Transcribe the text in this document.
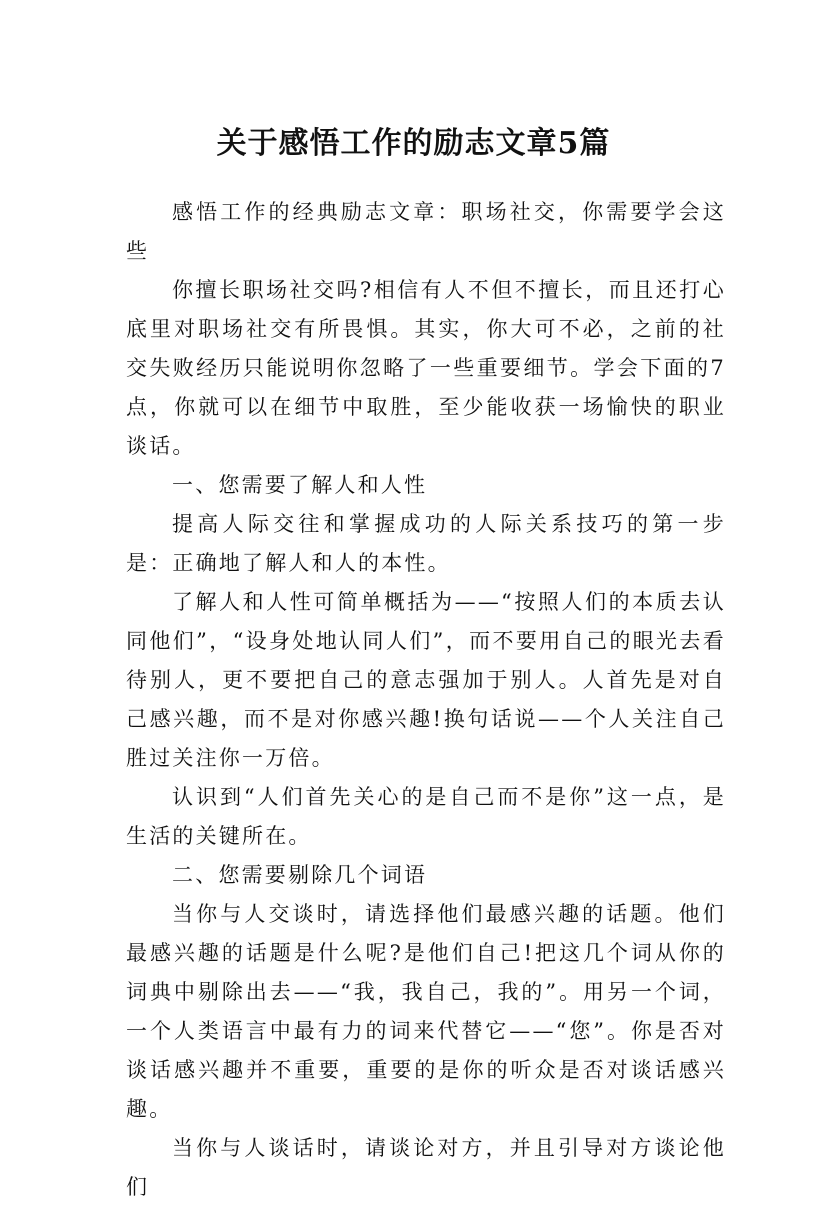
关于感悟工作的励志文章5篇

感悟工作的经典励志文章：职场社交，你需要学会这些

你擅长职场社交吗?相信有人不但不擅长，而且还打心底里对职场社交有所畏惧。其实，你大可不必，之前的社交失败经历只能说明你忽略了一些重要细节。学会下面的7点，你就可以在细节中取胜，至少能收获一场愉快的职业谈话。

一、您需要了解人和人性

提高人际交往和掌握成功的人际关系技巧的第一步是：正确地了解人和人的本性。

了解人和人性可简单概括为——“按照人们的本质去认同他们”，“设身处地认同人们”，而不要用自己的眼光去看待别人，更不要把自己的意志强加于别人。人首先是对自己感兴趣，而不是对你感兴趣!换句话说——个人关注自己胜过关注你一万倍。

认识到“人们首先关心的是自己而不是你”这一点，是生活的关键所在。

二、您需要剔除几个词语

当你与人交谈时，请选择他们最感兴趣的话题。他们最感兴趣的话题是什么呢?是他们自己!把这几个词从你的词典中剔除出去——“我，我自己，我的”。用另一个词，一个人类语言中最有力的词来代替它——“您”。你是否对谈话感兴趣并不重要，重要的是你的听众是否对谈话感兴趣。

当你与人谈话时，请谈论对方，并且引导对方谈论他们
